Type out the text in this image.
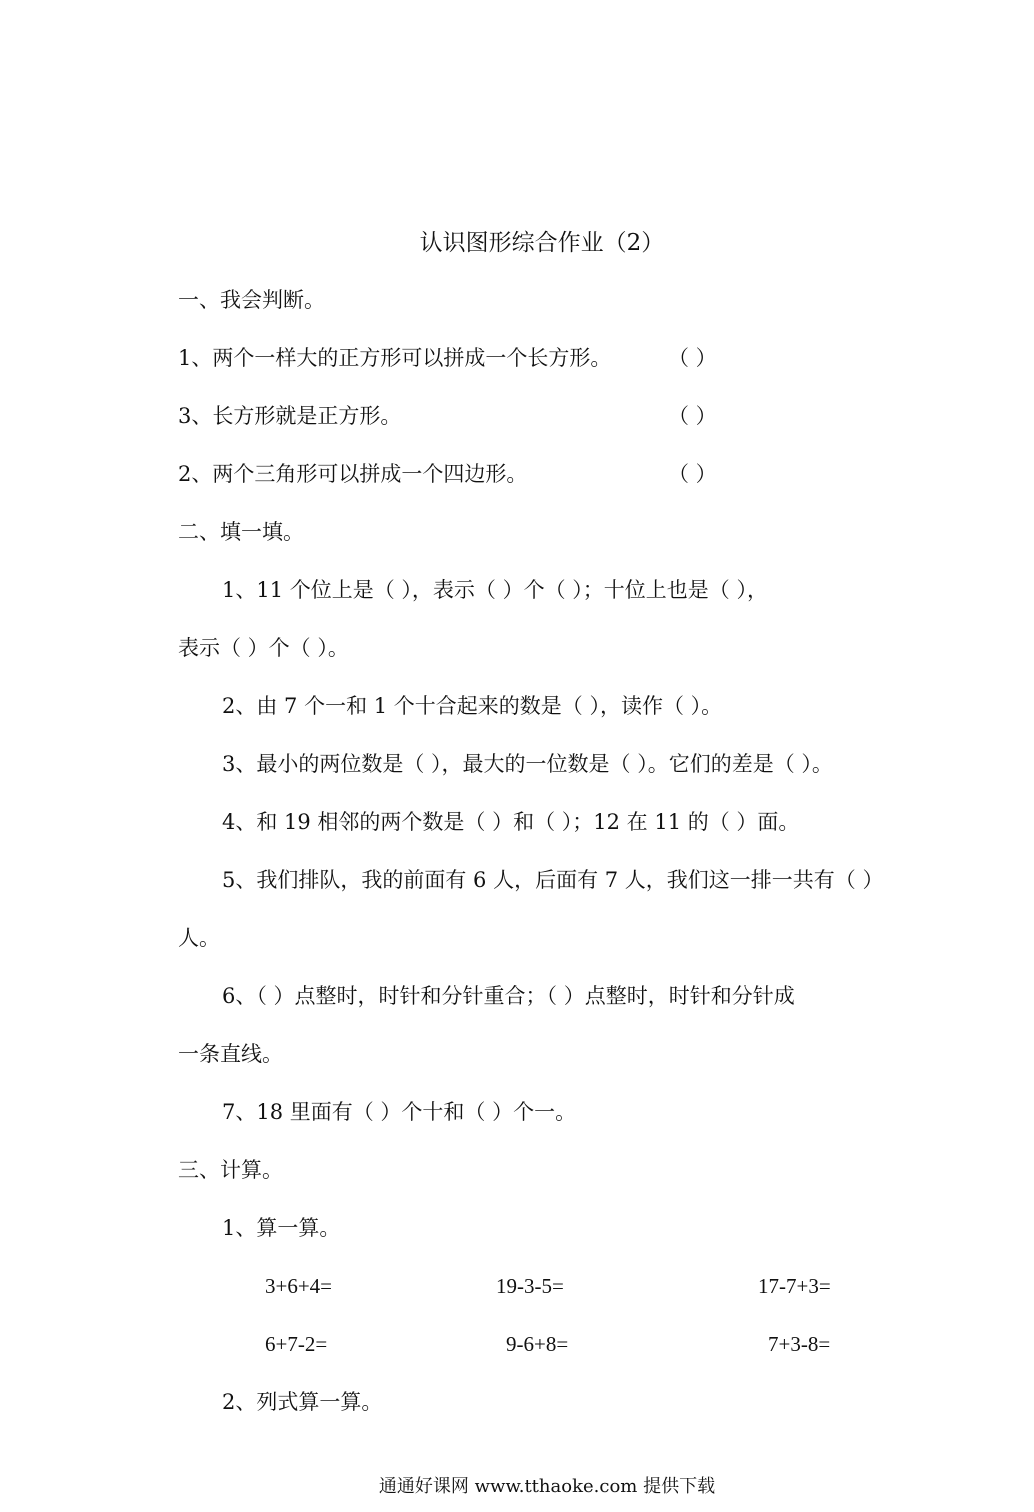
认识图形综合作业（2）
一、我会判断。
1、两个一样大的正方形可以拼成一个长方形。	（ ）
3、长方形就是正方形。	（ ）
2、两个三角形可以拼成一个四边形。	（ ）
二、填一填。
1、11 个位上是（ ），表示（ ）个（ ）；十位上也是（ ），
表示（ ）个（ ）。
2、由 7 个一和 1 个十合起来的数是（ ），读作（ ）。
3、最小的两位数是（ ），最大的一位数是（ ）。它们的差是（ ）。
4、和 19 相邻的两个数是（ ）和（ ）；12 在 11 的（ ）面。
5、我们排队，我的前面有 6 人，后面有 7 人，我们这一排一共有（ ）
人。
6、（ ）点整时，时针和分针重合；（ ）点整时，时针和分针成
一条直线。
7、18 里面有（ ）个十和（ ）个一。
三、计算。
1、算一算。
3+6+4=	19-3-5=	17-7+3=
6+7-2=	9-6+8=	7+3-8=
2、列式算一算。
通通好课网 www.tthaoke.com 提供下载
